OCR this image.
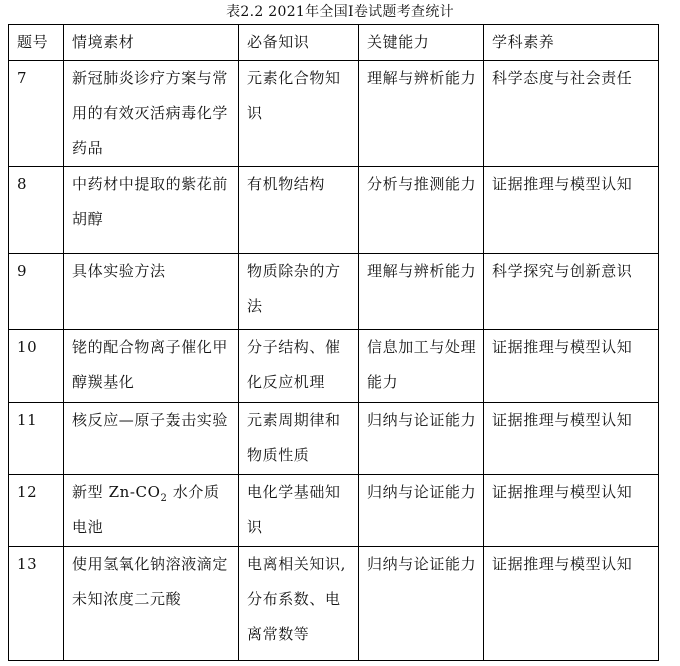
表2.2 2021年全国I卷试题考查统计
题号	情境素材	必备知识	关键能力	学科素养
7	新冠肺炎诊疗方案与常用的有效灭活病毒化学药品	元素化合物知识	理解与辨析能力	科学态度与社会责任
8	中药材中提取的紫花前胡醇	有机物结构	分析与推测能力	证据推理与模型认知
9	具体实验方法	物质除杂的方法	理解与辨析能力	科学探究与创新意识
10	铑的配合物离子催化甲醇羰基化	分子结构、催化反应机理	信息加工与处理能力	证据推理与模型认知
11	核反应—原子轰击实验	元素周期律和物质性质	归纳与论证能力	证据推理与模型认知
12	新型 $Zn-CO_2$ 水介质电池	电化学基础知识	归纳与论证能力	证据推理与模型认知
13	使用氢氧化钠溶液滴定未知浓度二元酸	电离相关知识,分布系数、电离常数等	归纳与论证能力	证据推理与模型认知
